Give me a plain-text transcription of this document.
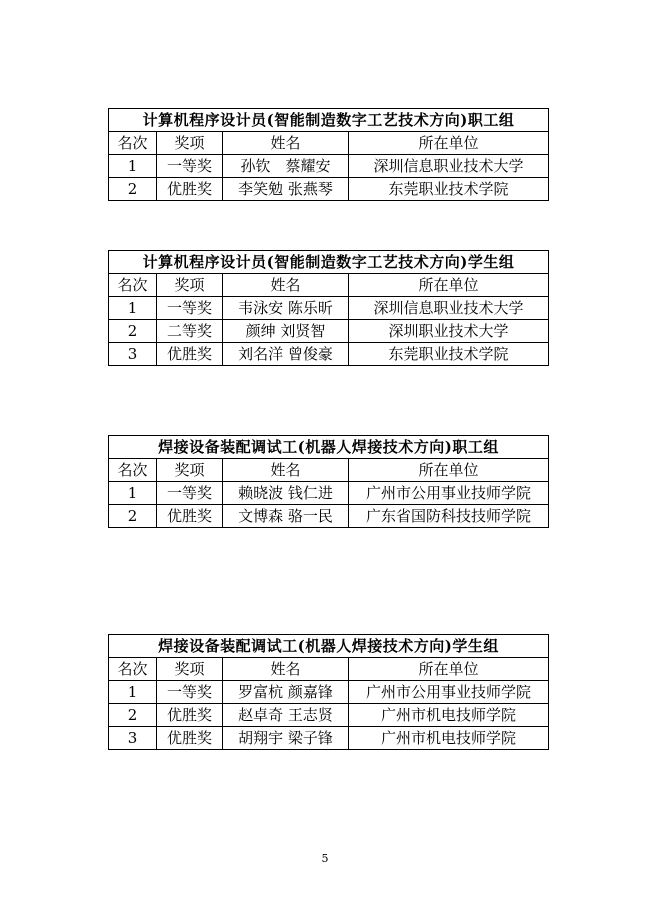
计算机程序设计员(智能制造数字工艺技术方向)职工组			
名次	奖项	姓名	所在单位
1	一等奖	孙钦　蔡耀安	深圳信息职业技术大学
2	优胜奖	李笑勉 张燕琴	东莞职业技术学院
计算机程序设计员(智能制造数字工艺技术方向)学生组			
名次	奖项	姓名	所在单位
1	一等奖	韦泳安 陈乐昕	深圳信息职业技术大学
2	二等奖	颜绅 刘贤智	深圳职业技术大学
3	优胜奖	刘名洋 曾俊豪	东莞职业技术学院
焊接设备装配调试工(机器人焊接技术方向)职工组			
名次	奖项	姓名	所在单位
1	一等奖	赖晓波 钱仁进	广州市公用事业技师学院
2	优胜奖	文博森 骆一民	广东省国防科技技师学院
焊接设备装配调试工(机器人焊接技术方向)学生组			
名次	奖项	姓名	所在单位
1	一等奖	罗富杭 颜嘉锋	广州市公用事业技师学院
2	优胜奖	赵卓奇 王志贤	广州市机电技师学院
3	优胜奖	胡翔宇 梁子锋	广州市机电技师学院
5
